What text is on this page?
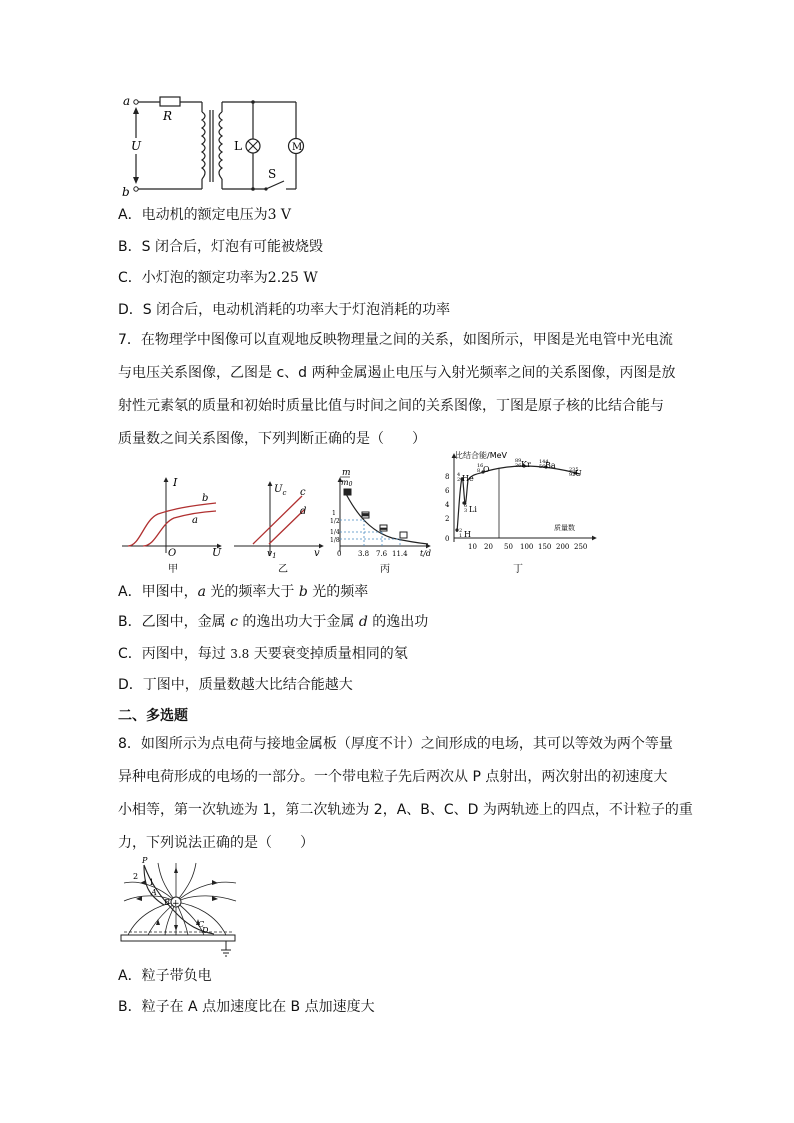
M
a
b
R
U	L
S
A．电动机的额定电压为3 V
B．S 闭合后，灯泡有可能被烧毁
C．小灯泡的额定功率为2.25 W
D．S 闭合后，电动机消耗的功率大于灯泡消耗的功率
7．在物理学中图像可以直观地反映物理量之间的关系，如图所示，甲图是光电管中光电流
与电压关系图像，乙图是 c、d 两种金属遏止电压与入射光频率之间的关系图像，丙图是放
射性元素氡的质量和初始时质量比值与时间之间的关系图像，丁图是原子核的比结合能与
质量数之间关系图像，下列判断正确的是（　　）
I
U
O
b
a
甲
$U_c$
v
$v_1$
c
d
乙
m
m0
1
1/2
1/4
1/8
0 3.8 7.6 11.4 t/d
丙
比结合能/MeV
8
6
4
2
0
10 20 50 100 150 200 250
质量数
4
2
16
8
89
36
144
56	235
92
6
3
2
1
He
O
Kr Ba
U
Li
H
丁
A．甲图中，a 光的频率大于 b 光的频率
B．乙图中，金属 c 的逸出功大于金属 d 的逸出功
C．丙图中，每过 3.8 天要衰变掉质量相同的氡
D．丁图中，质量数越大比结合能越大
二、多选题
8．如图所示为点电荷与接地金属板（厚度不计）之间形成的电场，其可以等效为两个等量
异种电荷形成的电场的一部分。一个带电粒子先后两次从 P 点射出，两次射出的初速度大
小相等，第一次轨迹为 1，第二次轨迹为 2，A、B、C、D 为两轨迹上的四点，不计粒子的重
力，下列说法正确的是（　　）
+
P
2
1
A
B
C
D
A．粒子带负电
B．粒子在 A 点加速度比在 B 点加速度大
